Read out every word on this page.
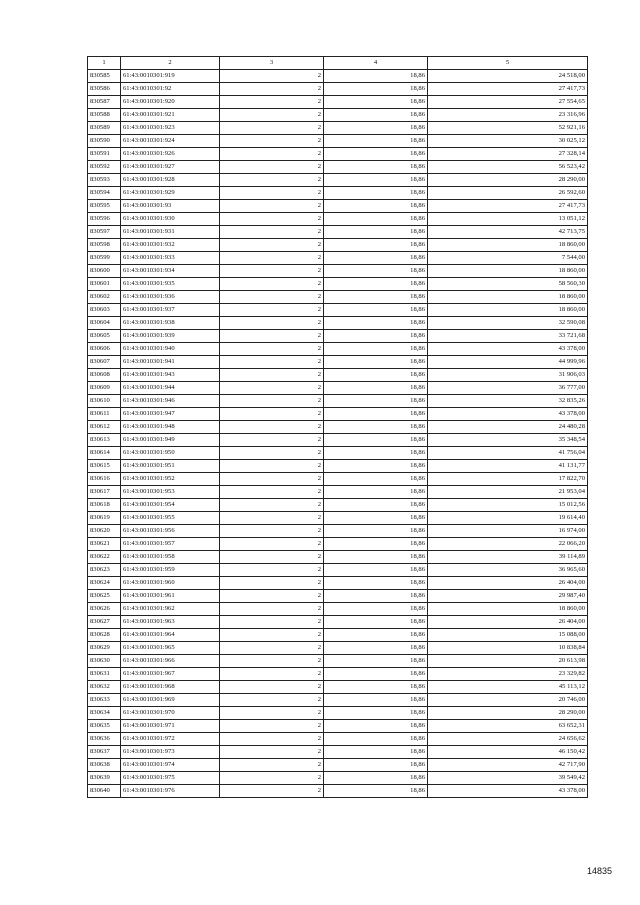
1	2	3	4	5
830585	61:43:0010301:919	2	18,86	24 518,00
830586	61:43:0010301:92	2	18,86	27 417,73
830587	61:43:0010301:920	2	18,86	27 554,65
830588	61:43:0010301:921	2	18,86	23 316,96
830589	61:43:0010301:923	2	18,86	52 921,16
830590	61:43:0010301:924	2	18,86	30 025,12
830591	61:43:0010301:926	2	18,86	27 328,14
830592	61:43:0010301:927	2	18,86	56 523,42
830593	61:43:0010301:928	2	18,86	28 290,00
830594	61:43:0010301:929	2	18,86	26 592,60
830595	61:43:0010301:93	2	18,86	27 417,73
830596	61:43:0010301:930	2	18,86	13 051,12
830597	61:43:0010301:931	2	18,86	42 713,75
830598	61:43:0010301:932	2	18,86	18 860,00
830599	61:43:0010301:933	2	18,86	7 544,00
830600	61:43:0010301:934	2	18,86	18 860,00
830601	61:43:0010301:935	2	18,86	58 560,30
830602	61:43:0010301:936	2	18,86	18 860,00
830603	61:43:0010301:937	2	18,86	18 860,00
830604	61:43:0010301:938	2	18,86	32 590,08
830605	61:43:0010301:939	2	18,86	33 721,68
830606	61:43:0010301:940	2	18,86	43 378,00
830607	61:43:0010301:941	2	18,86	44 999,96
830608	61:43:0010301:943	2	18,86	31 906,03
830609	61:43:0010301:944	2	18,86	36 777,00
830610	61:43:0010301:946	2	18,86	32 835,26
830611	61:43:0010301:947	2	18,86	43 378,00
830612	61:43:0010301:948	2	18,86	24 480,28
830613	61:43:0010301:949	2	18,86	35 348,54
830614	61:43:0010301:950	2	18,86	41 756,04
830615	61:43:0010301:951	2	18,86	41 131,77
830616	61:43:0010301:952	2	18,86	17 822,70
830617	61:43:0010301:953	2	18,86	21 953,04
830618	61:43:0010301:954	2	18,86	15 012,56
830619	61:43:0010301:955	2	18,86	19 614,40
830620	61:43:0010301:956	2	18,86	16 974,00
830621	61:43:0010301:957	2	18,86	22 066,20
830622	61:43:0010301:958	2	18,86	39 114,89
830623	61:43:0010301:959	2	18,86	36 965,60
830624	61:43:0010301:960	2	18,86	26 404,00
830625	61:43:0010301:961	2	18,86	29 987,40
830626	61:43:0010301:962	2	18,86	18 860,00
830627	61:43:0010301:963	2	18,86	26 404,00
830628	61:43:0010301:964	2	18,86	15 088,00
830629	61:43:0010301:965	2	18,86	10 838,84
830630	61:43:0010301:966	2	18,86	20 613,98
830631	61:43:0010301:967	2	18,86	23 329,82
830632	61:43:0010301:968	2	18,86	45 113,12
830633	61:43:0010301:969	2	18,86	20 746,00
830634	61:43:0010301:970	2	18,86	28 290,00
830635	61:43:0010301:971	2	18,86	63 652,31
830636	61:43:0010301:972	2	18,86	24 656,62
830637	61:43:0010301:973	2	18,86	46 150,42
830638	61:43:0010301:974	2	18,86	42 717,90
830639	61:43:0010301:975	2	18,86	39 549,42
830640	61:43:0010301:976	2	18,86	43 378,00
14835
